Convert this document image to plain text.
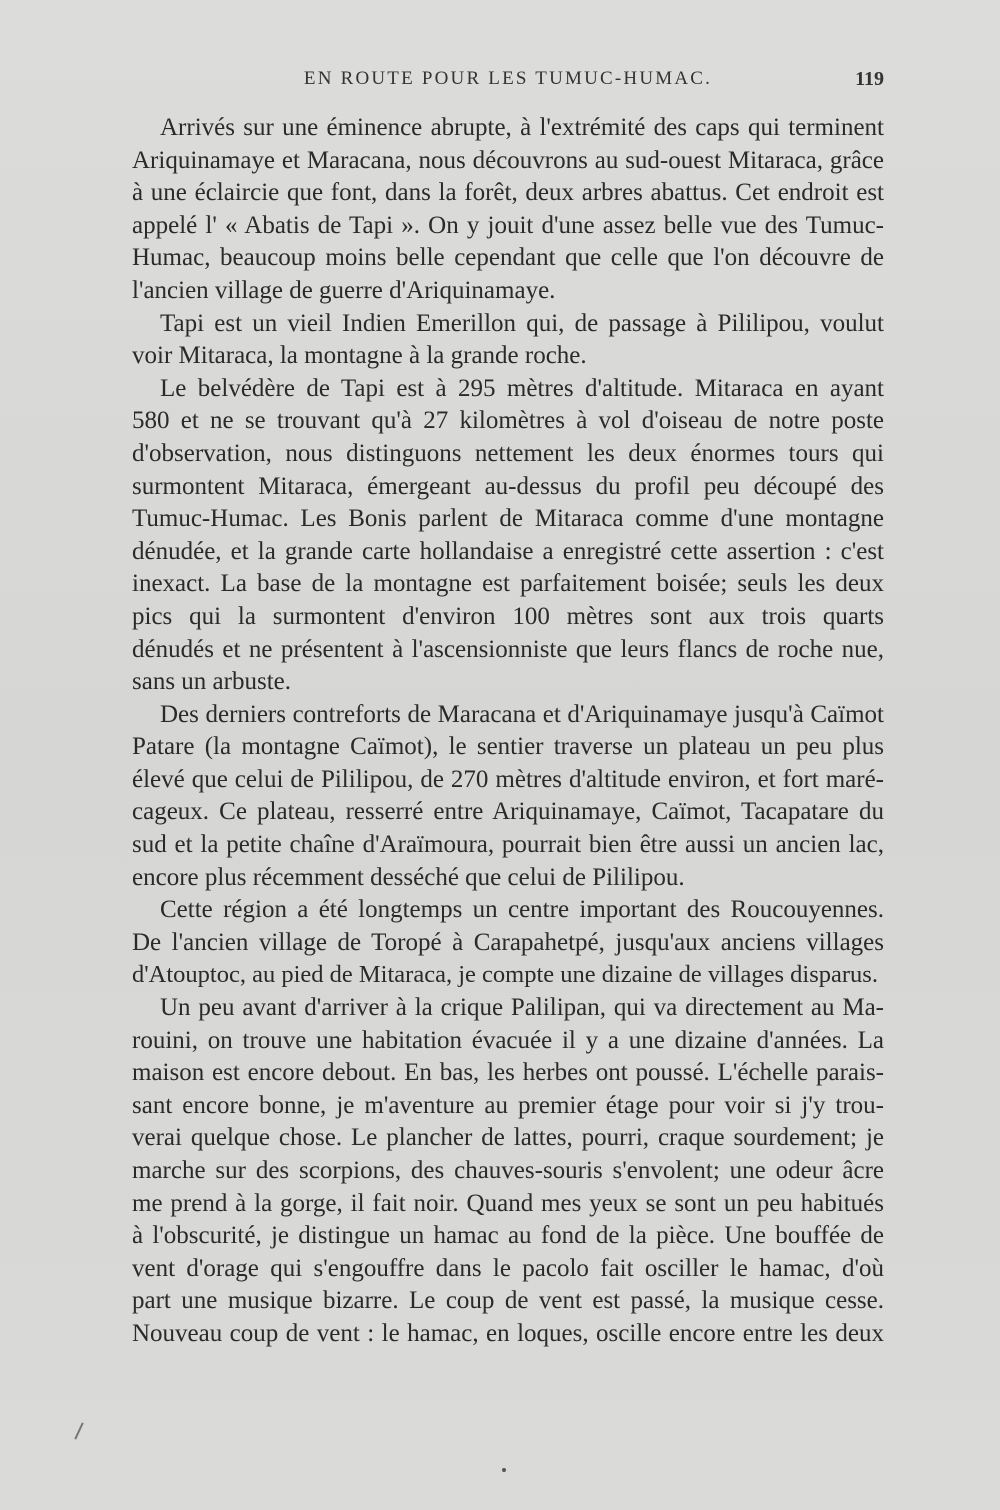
EN ROUTE POUR LES TUMUC-HUMAC.	119
Arrivés sur une éminence abrupte, à l'extrémité des caps qui terminent
Ariquinamaye et Maracana, nous découvrons au sud-ouest Mitaraca, grâce
à une éclaircie que font, dans la forêt, deux arbres abattus. Cet endroit est
appelé l' « Abatis de Tapi ». On y jouit d'une assez belle vue des Tumuc-
Humac, beaucoup moins belle cependant que celle que l'on découvre de
l'ancien village de guerre d'Ariquinamaye.
Tapi est un vieil Indien Emerillon qui, de passage à Pililipou, voulut
voir Mitaraca, la montagne à la grande roche.
Le belvédère de Tapi est à 295 mètres d'altitude. Mitaraca en ayant
580 et ne se trouvant qu'à 27 kilomètres à vol d'oiseau de notre poste
d'observation, nous distinguons nettement les deux énormes tours qui
surmontent Mitaraca, émergeant au-dessus du profil peu découpé des
Tumuc-Humac. Les Bonis parlent de Mitaraca comme d'une montagne
dénudée, et la grande carte hollandaise a enregistré cette assertion : c'est
inexact. La base de la montagne est parfaitement boisée; seuls les deux
pics qui la surmontent d'environ 100 mètres sont aux trois quarts
dénudés et ne présentent à l'ascensionniste que leurs flancs de roche nue,
sans un arbuste.
Des derniers contreforts de Maracana et d'Ariquinamaye jusqu'à Caïmot
Patare (la montagne Caïmot), le sentier traverse un plateau un peu plus
élevé que celui de Pililipou, de 270 mètres d'altitude environ, et fort maré-
cageux. Ce plateau, resserré entre Ariquinamaye, Caïmot, Tacapatare du
sud et la petite chaîne d'Araïmoura, pourrait bien être aussi un ancien lac,
encore plus récemment desséché que celui de Pililipou.
Cette région a été longtemps un centre important des Roucouyennes.
De l'ancien village de Toropé à Carapahetpé, jusqu'aux anciens villages
d'Atouptoc, au pied de Mitaraca, je compte une dizaine de villages disparus.
Un peu avant d'arriver à la crique Palilipan, qui va directement au Ma-
rouini, on trouve une habitation évacuée il y a une dizaine d'années. La
maison est encore debout. En bas, les herbes ont poussé. L'échelle parais-
sant encore bonne, je m'aventure au premier étage pour voir si j'y trou-
verai quelque chose. Le plancher de lattes, pourri, craque sourdement; je
marche sur des scorpions, des chauves-souris s'envolent; une odeur âcre
me prend à la gorge, il fait noir. Quand mes yeux se sont un peu habitués
à l'obscurité, je distingue un hamac au fond de la pièce. Une bouffée de
vent d'orage qui s'engouffre dans le pacolo fait osciller le hamac, d'où
part une musique bizarre. Le coup de vent est passé, la musique cesse.
Nouveau coup de vent : le hamac, en loques, oscille encore entre les deux
